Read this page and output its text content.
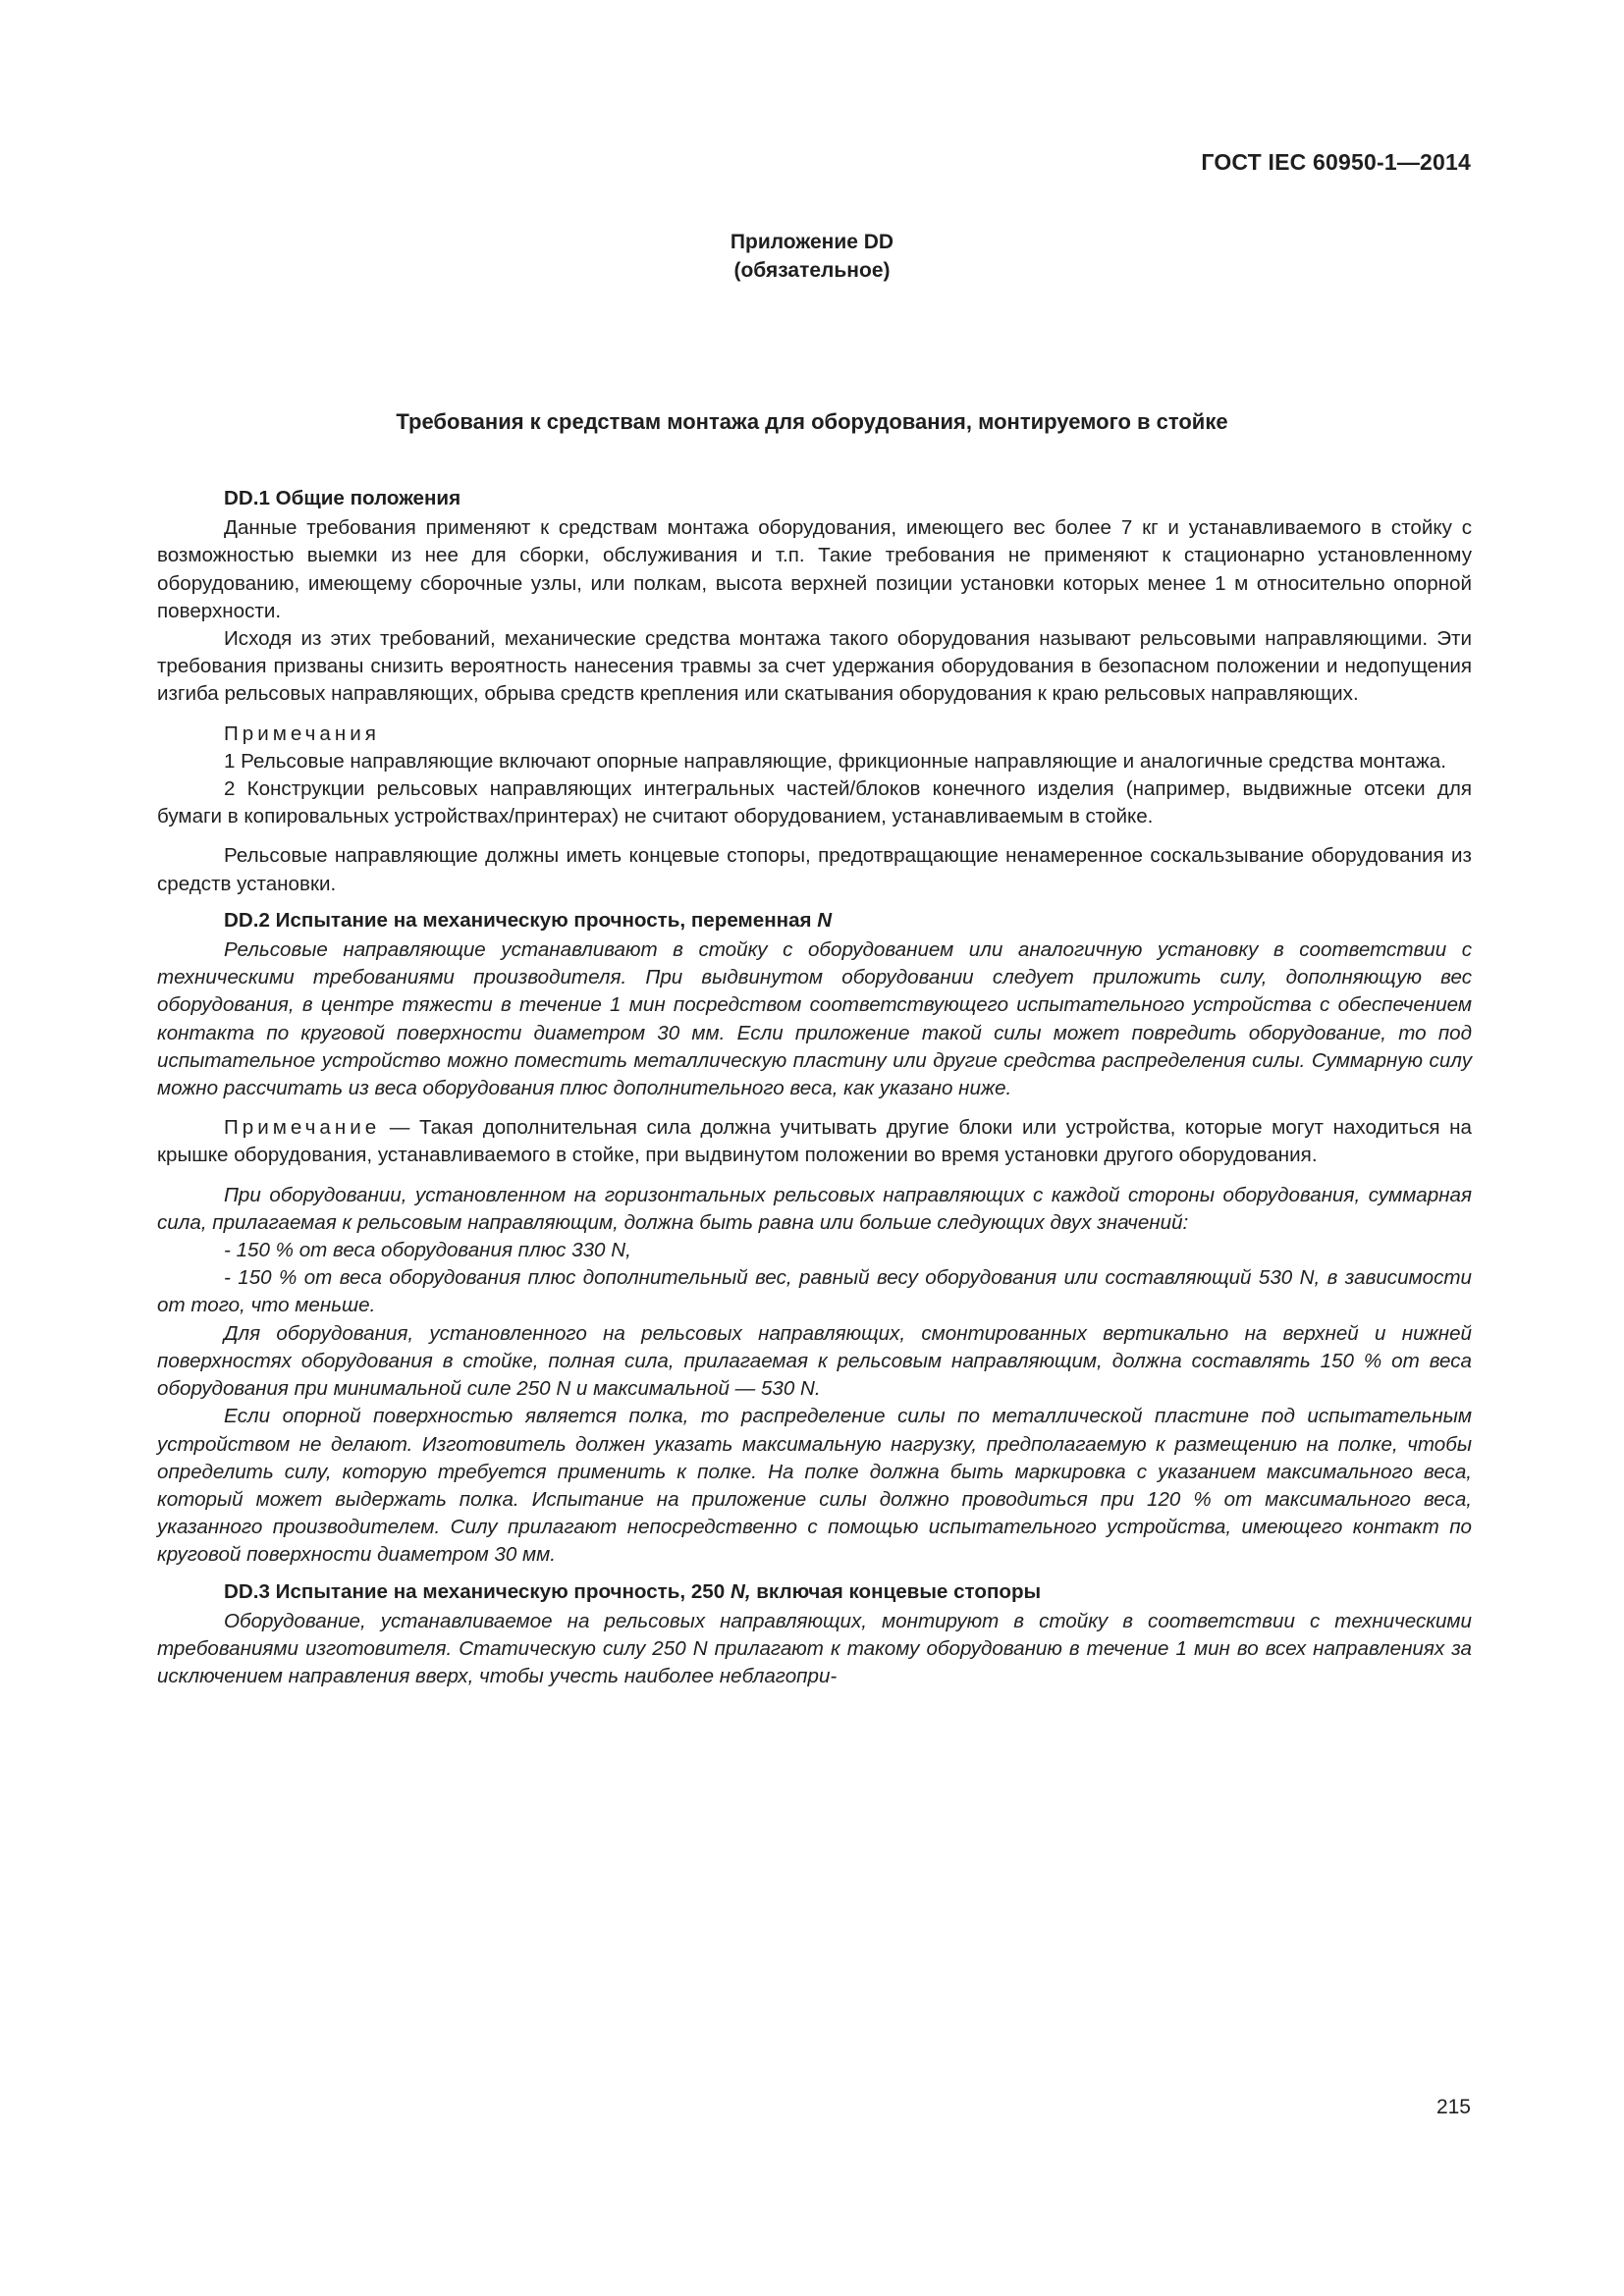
ГОСТ IEC 60950-1—2014
Приложение DD
(обязательное)
Требования к средствам монтажа для оборудования, монтируемого в стойке

DD.1 Общие положения

Данные требования применяют к средствам монтажа оборудования, имеющего вес более 7 кг и устанавливаемого в стойку с возможностью выемки из нее для сборки, обслуживания и т.п. Такие требования не применяют к стационарно установленному оборудованию, имеющему сборочные узлы, или полкам, высота верхней позиции установки которых менее 1 м относительно опорной поверхности.

Исходя из этих требований, механические средства монтажа такого оборудования называют рельсовыми направляющими. Эти требования призваны снизить вероятность нанесения травмы за счет удержания оборудования в безопасном положении и недопущения изгиба рельсовых направляющих, обрыва средств крепления или скатывания оборудования к краю рельсовых направляющих.

Примечания

1 Рельсовые направляющие включают опорные направляющие, фрикционные направляющие и аналогичные средства монтажа.

2 Конструкции рельсовых направляющих интегральных частей/блоков конечного изделия (например, выдвижные отсеки для бумаги в копировальных устройствах/принтерах) не считают оборудованием, устанавливаемым в стойке.

Рельсовые направляющие должны иметь концевые стопоры, предотвращающие ненамеренное соскальзывание оборудования из средств установки.

DD.2 Испытание на механическую прочность, переменная N

Рельсовые направляющие устанавливают в стойку с оборудованием или аналогичную установку в соответствии с техническими требованиями производителя. При выдвинутом оборудовании следует приложить силу, дополняющую вес оборудования, в центре тяжести в течение 1 мин посредством соответствующего испытательного устройства с обеспечением контакта по круговой поверхности диаметром 30 мм. Если приложение такой силы может повредить оборудование, то под испытательное устройство можно поместить металлическую пластину или другие средства распределения силы. Суммарную силу можно рассчитать из веса оборудования плюс дополнительного веса, как указано ниже.

Примечание — Такая дополнительная сила должна учитывать другие блоки или устройства, которые могут находиться на крышке оборудования, устанавливаемого в стойке, при выдвинутом положении во время установки другого оборудования.

При оборудовании, установленном на горизонтальных рельсовых направляющих с каждой стороны оборудования, суммарная сила, прилагаемая к рельсовым направляющим, должна быть равна или больше следующих двух значений:

- 150 % от веса оборудования плюс 330 N,

- 150 % от веса оборудования плюс дополнительный вес, равный весу оборудования или составляющий 530 N, в зависимости от того, что меньше.

Для оборудования, установленного на рельсовых направляющих, смонтированных вертикально на верхней и нижней поверхностях оборудования в стойке, полная сила, прилагаемая к рельсовым направляющим, должна составлять 150 % от веса оборудования при минимальной силе 250 N и максимальной — 530 N.

Если опорной поверхностью является полка, то распределение силы по металлической пластине под испытательным устройством не делают. Изготовитель должен указать максимальную нагрузку, предполагаемую к размещению на полке, чтобы определить силу, которую требуется применить к полке. На полке должна быть маркировка с указанием максимального веса, который может выдержать полка. Испытание на приложение силы должно проводиться при 120 % от максимального веса, указанного производителем. Силу прилагают непосредственно с помощью испытательного устройства, имеющего контакт по круговой поверхности диаметром 30 мм.

DD.3 Испытание на механическую прочность, 250 N, включая концевые стопоры

Оборудование, устанавливаемое на рельсовых направляющих, монтируют в стойку в соответствии с техническими требованиями изготовителя. Статическую силу 250 N прилагают к такому оборудованию в течение 1 мин во всех направлениях за исключением направления вверх, чтобы учесть наиболее неблагопри-

215
